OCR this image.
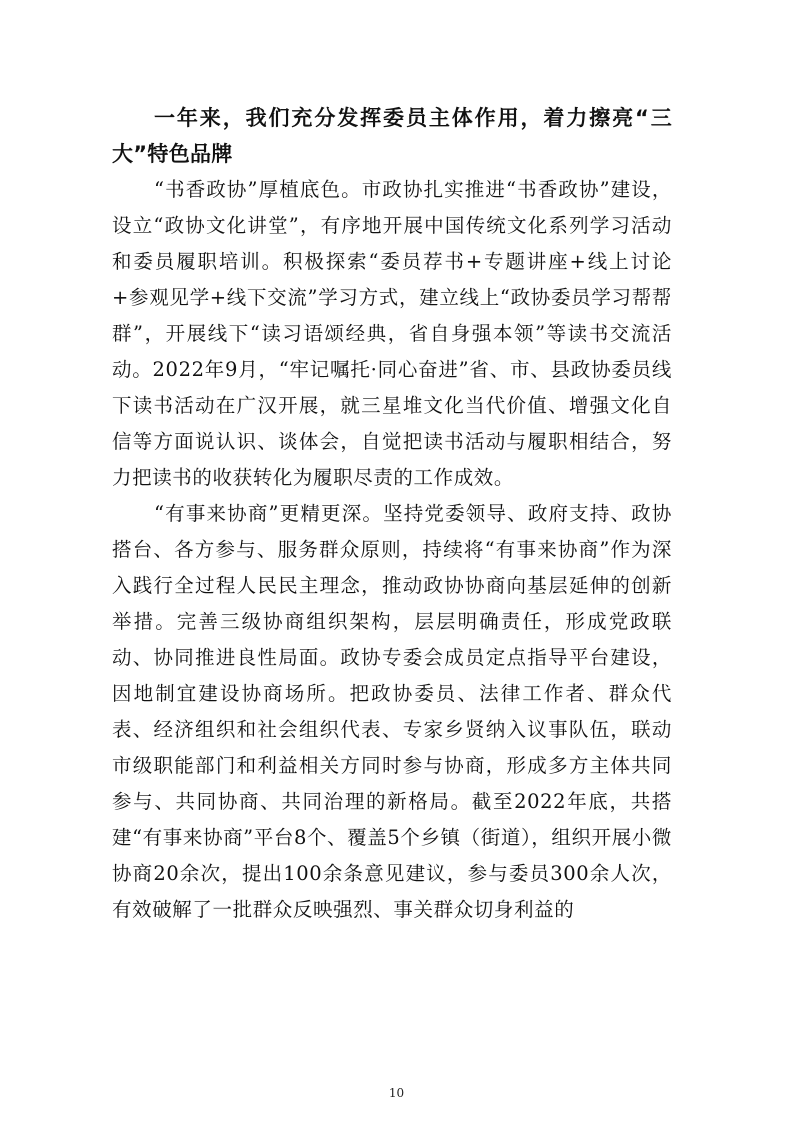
一年来，我们充分发挥委员主体作用，着力擦亮“三大”特色品牌

“书香政协”厚植底色。市政协扎实推进“书香政协”建设，设立“政协文化讲堂”，有序地开展中国传统文化系列学习活动和委员履职培训。积极探索“委员荐书+专题讲座+线上讨论+参观见学+线下交流”学习方式，建立线上“政协委员学习帮帮群”，开展线下“读习语颂经典，省自身强本领”等读书交流活动。2022年9月，“牢记嘱托·同心奋进”省、市、县政协委员线下读书活动在广汉开展，就三星堆文化当代价值、增强文化自信等方面说认识、谈体会，自觉把读书活动与履职相结合，努力把读书的收获转化为履职尽责的工作成效。

“有事来协商”更精更深。坚持党委领导、政府支持、政协搭台、各方参与、服务群众原则，持续将“有事来协商”作为深入践行全过程人民民主理念，推动政协协商向基层延伸的创新举措。完善三级协商组织架构，层层明确责任，形成党政联动、协同推进良性局面。政协专委会成员定点指导平台建设，因地制宜建设协商场所。把政协委员、法律工作者、群众代表、经济组织和社会组织代表、专家乡贤纳入议事队伍，联动市级职能部门和利益相关方同时参与协商，形成多方主体共同参与、共同协商、共同治理的新格局。截至2022年底，共搭建“有事来协商”平台8个、覆盖5个乡镇（街道），组织开展小微协商20余次，提出100余条意见建议，参与委员300余人次，有效破解了一批群众反映强烈、事关群众切身利益的

10
